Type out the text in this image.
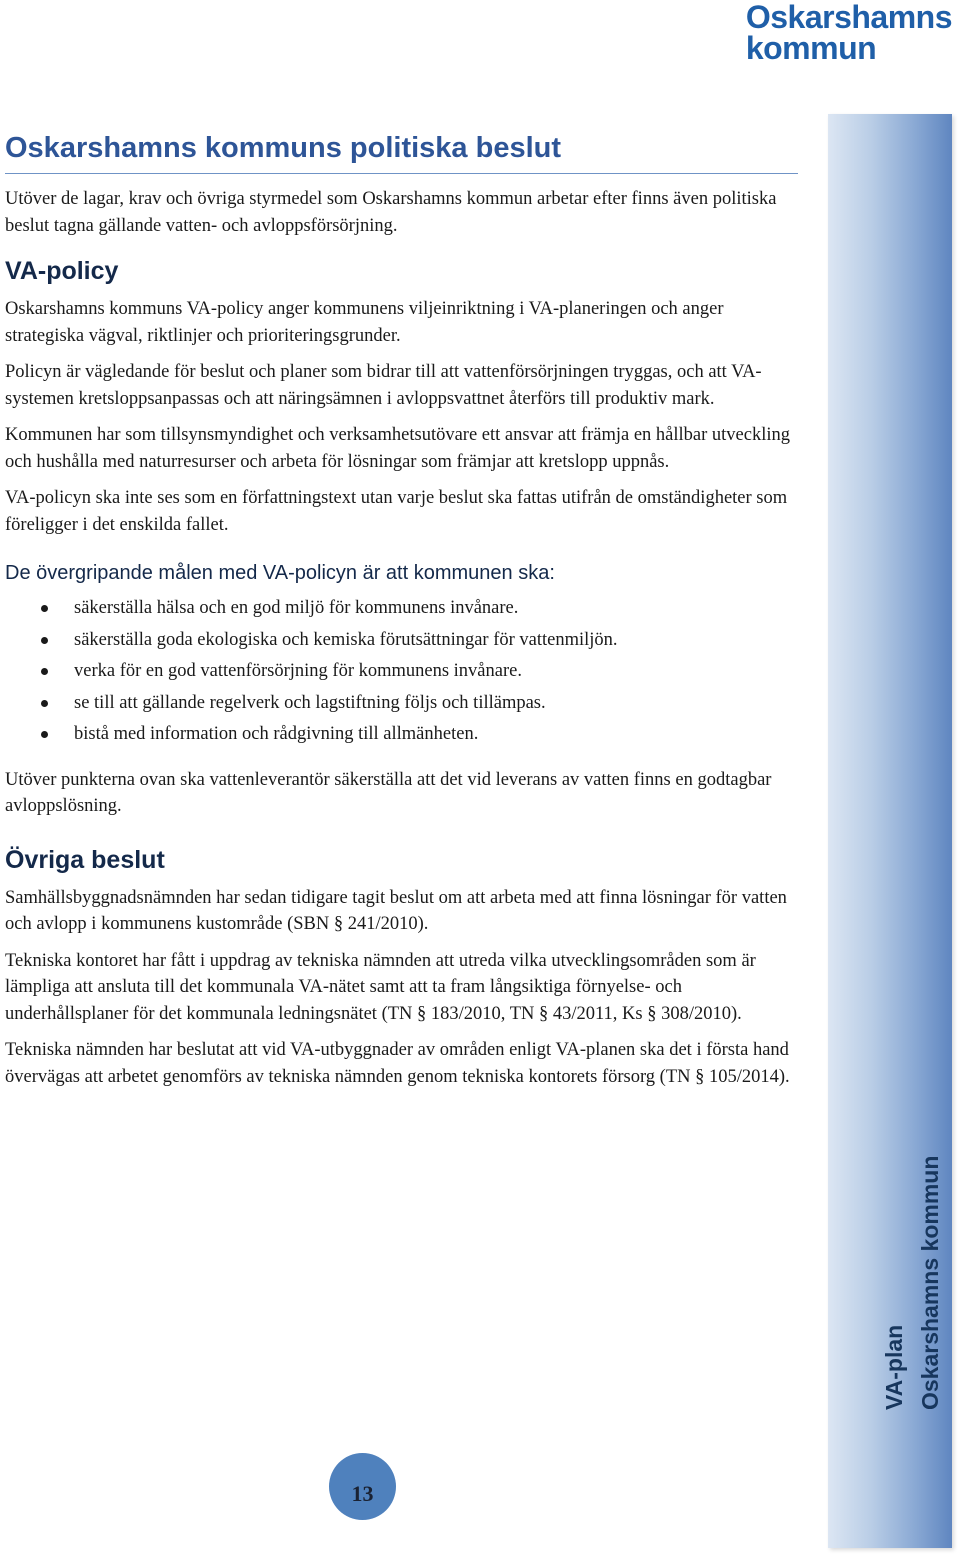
Oskarshamns
kommun
VA-plan Oskarshamns kommun
Oskarshamns kommuns politiska beslut

Utöver de lagar, krav och övriga styrmedel som Oskarshamns kommun arbetar efter finns även politiska beslut tagna gällande vatten- och avloppsförsörjning.

VA-policy

Oskarshamns kommuns VA-policy anger kommunens viljeinriktning i VA-planeringen och anger strategiska vägval, riktlinjer och prioriteringsgrunder.

Policyn är vägledande för beslut och planer som bidrar till att vattenförsörjningen tryggas, och att VA-systemen kretsloppsanpassas och att näringsämnen i avloppsvattnet återförs till produktiv mark.

Kommunen har som tillsynsmyndighet och verksamhetsutövare ett ansvar att främja en hållbar utveckling och hushålla med naturresurser och arbeta för lösningar som främjar att kretslopp uppnås.

VA-policyn ska inte ses som en författningstext utan varje beslut ska fattas utifrån de omständigheter som föreligger i det enskilda fallet.

De övergripande målen med VA-policyn är att kommunen ska:
säkerställa hälsa och en god miljö för kommunens invånare.
säkerställa goda ekologiska och kemiska förutsättningar för vattenmiljön.
verka för en god vattenförsörjning för kommunens invånare.
se till att gällande regelverk och lagstiftning följs och tillämpas.
bistå med information och rådgivning till allmänheten.

Utöver punkterna ovan ska vattenleverantör säkerställa att det vid leverans av vatten finns en godtagbar avloppslösning.

Övriga beslut

Samhällsbyggnadsnämnden har sedan tidigare tagit beslut om att arbeta med att finna lösningar för vatten och avlopp i kommunens kustområde (SBN § 241/2010).

Tekniska kontoret har fått i uppdrag av tekniska nämnden att utreda vilka utvecklingsområden som är lämpliga att ansluta till det kommunala VA-nätet samt att ta fram långsiktiga förnyelse- och underhållsplaner för det kommunala ledningsnätet (TN § 183/2010, TN § 43/2011, Ks § 308/2010).

Tekniska nämnden har beslutat att vid VA-utbyggnader av områden enligt VA-planen ska det i första hand övervägas att arbetet genomförs av tekniska nämnden genom tekniska kontorets försorg (TN § 105/2014).

13
